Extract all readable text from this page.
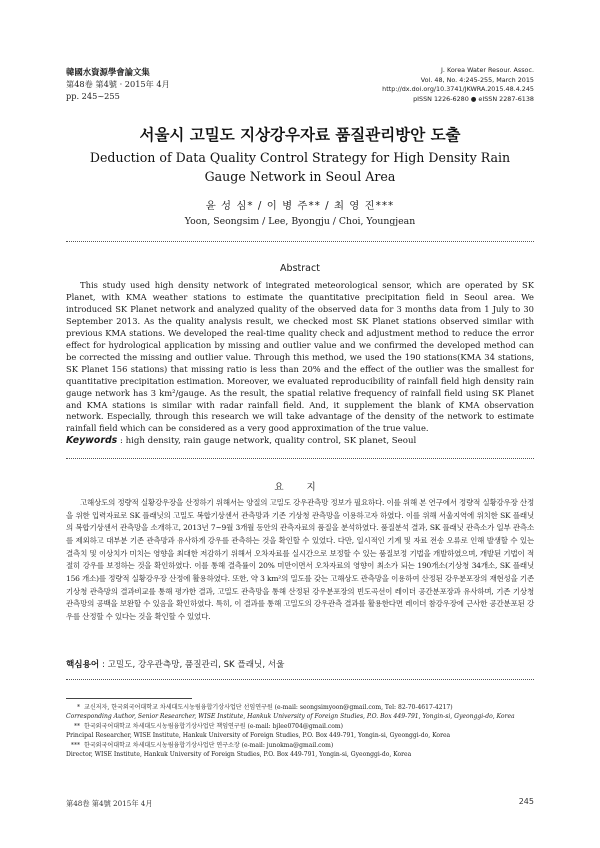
韓國水資源學會論文集
第48卷 第4號 · 2015年 4月
pp. 245~255
J. Korea Water Resour. Assoc.
Vol. 48, No. 4:245-255, March 2015
http://dx.doi.org/10.3741/JKWRA.2015.48.4.245
pISSN 1226-6280 ● eISSN 2287-6138
서울시 고밀도 지상강우자료 품질관리방안 도출
Deduction of Data Quality Control Strategy for High Density Rain Gauge Network in Seoul Area
윤 성 심* / 이 병 주** / 최 영 진***
Yoon, Seongsim / Lee, Byongju / Choi, Youngjean
Abstract

This study used high density network of integrated meteorological sensor, which are operated by SK Planet, with KMA weather stations to estimate the quantitative precipitation field in Seoul area. We introduced SK Planet network and analyzed quality of the observed data for 3 months data from 1 July to 30 September 2013. As the quality analysis result, we checked most SK Planet stations observed similar with previous KMA stations. We developed the real-time quality check and adjustment method to reduce the error effect for hydrological application by missing and outlier value and we confirmed the developed method can be corrected the missing and outlier value. Through this method, we used the 190 stations(KMA 34 stations, SK Planet 156 stations) that missing ratio is less than 20% and the effect of the outlier was the smallest for quantitative precipitation estimation. Moreover, we evaluated reproducibility of rainfall field high density rain gauge network has 3 km²/gauge. As the result, the spatial relative frequency of rainfall field using SK Planet and KMA stations is similar with radar rainfall field. And, it supplement the blank of KMA observation network. Especially, through this research we will take advantage of the density of the network to estimate rainfall field which can be considered as a very good approximation of the true value.

Keywords : high density, rain gauge network, quality control, SK planet, Seoul
요 지

고해상도의 정량적 실황강우장을 산정하기 위해서는 양질의 고밀도 강우관측망 정보가 필요하다. 이를 위해 본 연구에서 정량적 실황강우장 산정을 위한 입력자료로 SK 플래닛의 고밀도 복합기상센서 관측망과 기존 기상청 관측망을 이용하고자 하였다. 이를 위해 서울지역에 위치한 SK 플래닛의 복합기상센서 관측망을 소개하고, 2013년 7~9월 3개월 동안의 관측자료의 품질을 분석하였다. 품질분석 결과, SK 플래닛 관측소가 일부 관측소를 제외하고 대부분 기존 관측망과 유사하게 강우를 관측하는 것을 확인할 수 있었다. 다만, 일시적인 기계 및 자료 전송 오류로 인해 발생할 수 있는 결측치 및 이상치가 미치는 영향을 최대한 저감하기 위해서 오차자료를 실시간으로 보정할 수 있는 품질보정 기법을 개발하였으며, 개발된 기법이 적절히 강우를 보정하는 것을 확인하였다. 이를 통해 결측률이 20% 미만이면서 오차자료의 영향이 최소가 되는 190개소(기상청 34개소, SK 플래닛 156 개소)를 정량적 실황강우장 산정에 활용하였다. 또한, 약 3 km²의 밀도를 갖는 고해상도 관측망을 이용하여 산정된 강우분포장의 재현성을 기존 기상청 관측망의 결과비교를 통해 평가한 결과, 고밀도 관측망을 통해 산정된 강우분포장의 빈도곡선이 레이더 공간분포장과 유사하며, 기존 기상청 관측망의 공백을 보완할 수 있음을 확인하였다. 특히, 이 결과를 통해 고밀도의 강우관측 결과를 활용한다면 레이더 참강우장에 근사한 공간분포된 강우를 산정할 수 있다는 것을 확인할 수 있었다.

핵심용어 : 고밀도, 강우관측망, 품질관리, SK 플래닛, 서울
* 교신저자, 한국외국어대학교 차세대도시농림융합기상사업단 선임연구원 (e-mail: seongsimyoon@gmail.com, Tel: 82-70-4617-4217)
Corresponding Author, Senior Researcher, WISE Institute, Hankuk University of Foreign Studies, P.O. Box 449-791, Yongin-si, Gyeonggi-do, Korea
** 한국외국어대학교 차세대도시농림융합기상사업단 책임연구원 (e-mail: bjlee0704@gmail.com)
Principal Researcher, WISE Institute, Hankuk University of Foreign Studies, P.O. Box 449-791, Yongin-si, Gyeonggi-do, Korea
*** 한국외국어대학교 차세대도시농림융합기상사업단 연구소장 (e-mail: junokma@gmail.com)
Director, WISE Institute, Hankuk University of Foreign Studies, P.O. Box 449-791, Yongin-si, Gyeonggi-do, Korea
第48卷 第4號 2015年 4月	245
